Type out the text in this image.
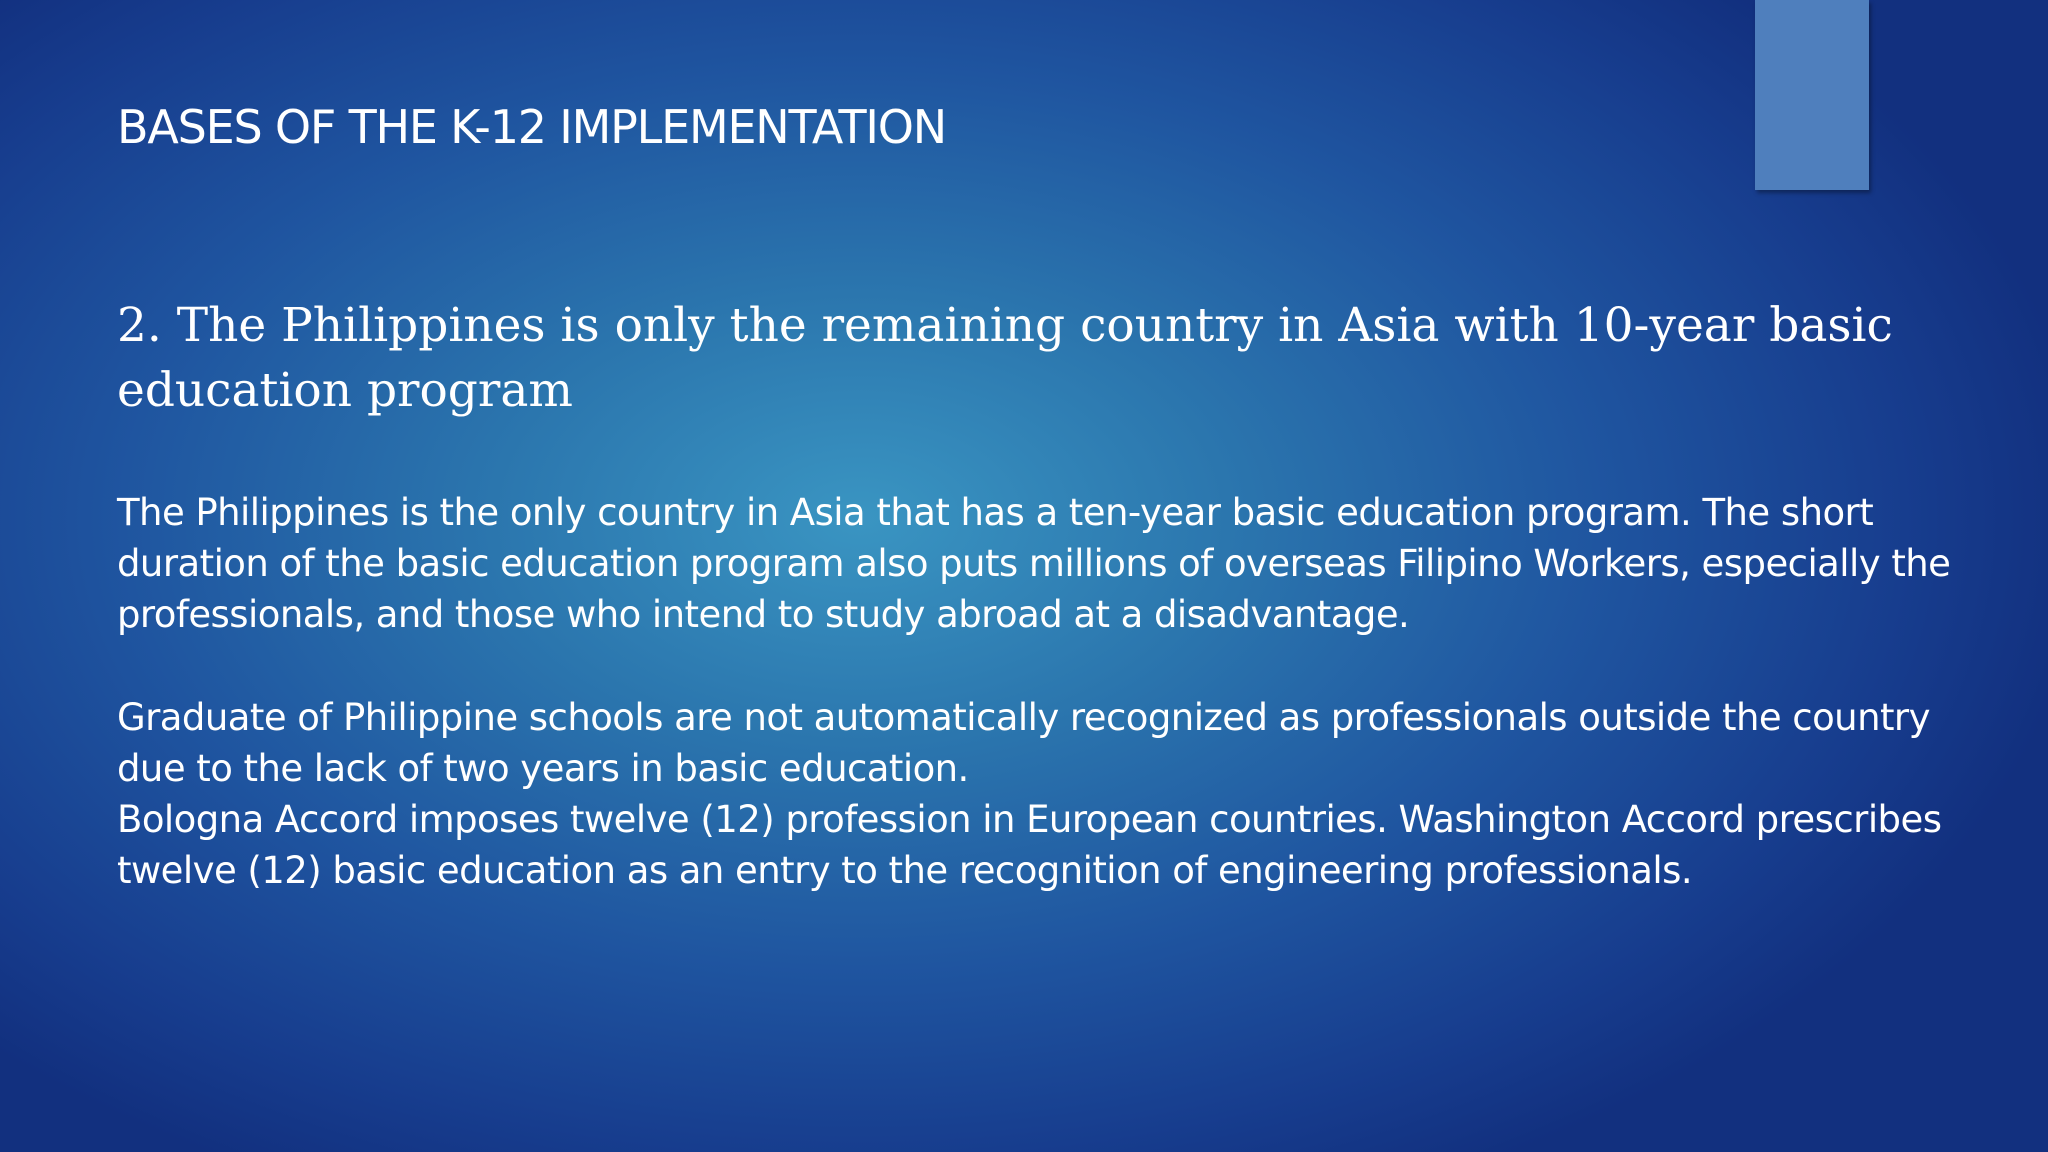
BASES OF THE K-12 IMPLEMENTATION
2. The Philippines is only the remaining country in Asia with 10-year basic education program
The Philippines is the only country in Asia that has a ten-year basic education program. The short duration of the basic education program also puts millions of overseas Filipino Workers, especially the professionals, and those who intend to study abroad at a disadvantage.
Graduate of Philippine schools are not automatically recognized as professionals outside the country due to the lack of two years in basic education.
Bologna Accord imposes twelve (12) profession in European countries. Washington Accord prescribes twelve (12) basic education as an entry to the recognition of engineering professionals.
